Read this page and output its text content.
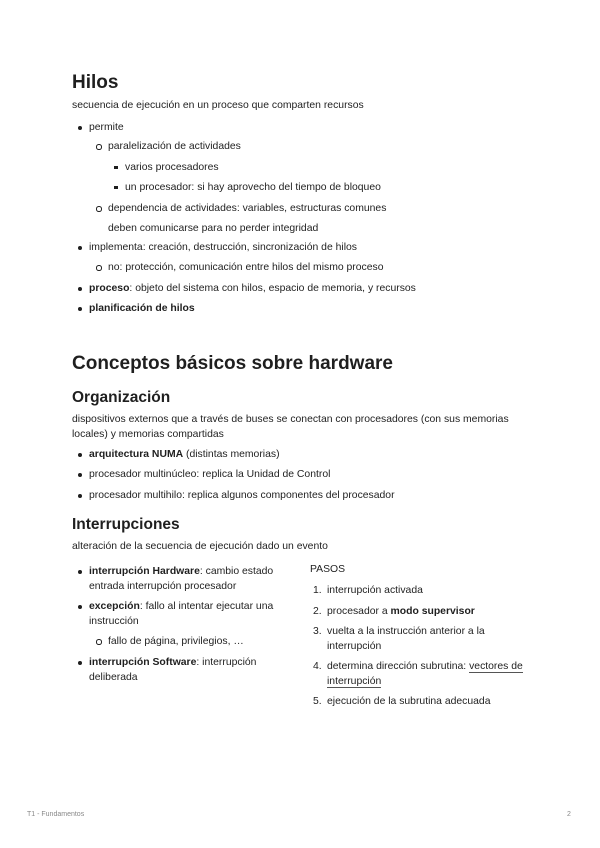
Hilos

secuencia de ejecución en un proceso que comparten recursos

permite
paralelización de actividades
varios procesadores
un procesador: si hay aprovecho del tiempo de bloqueo
dependencia de actividades: variables, estructuras comunes
deben comunicarse para no perder integridad
implementa: creación, destrucción, sincronización de hilos
no: protección, comunicación entre hilos del mismo proceso
proceso: objeto del sistema con hilos, espacio de memoria, y recursos
planificación de hilos
Conceptos básicos sobre hardware
Organización

dispositivos externos que a través de buses se conectan con procesadores (con sus memorias
locales) y memorias compartidas

arquitectura NUMA (distintas memorias)
procesador multinúcleo: replica la Unidad de Control
procesador multihilo: replica algunos componentes del procesador
Interrupciones

alteración de la secuencia de ejecución dado un evento

interrupción Hardware: cambio estado
entrada interrupción procesador
excepción: fallo al intentar ejecutar una
instrucción
fallo de página, privilegios, …
interrupción Software: interrupción
deliberada
PASOS
1. interrupción activada
2. procesador a modo supervisor
3. vuelta a la instrucción anterior a la
interrupción
4. determina dirección subrutina: vectores de
interrupción
5. ejecución de la subrutina adecuada
T1 - Fundamentos	2
